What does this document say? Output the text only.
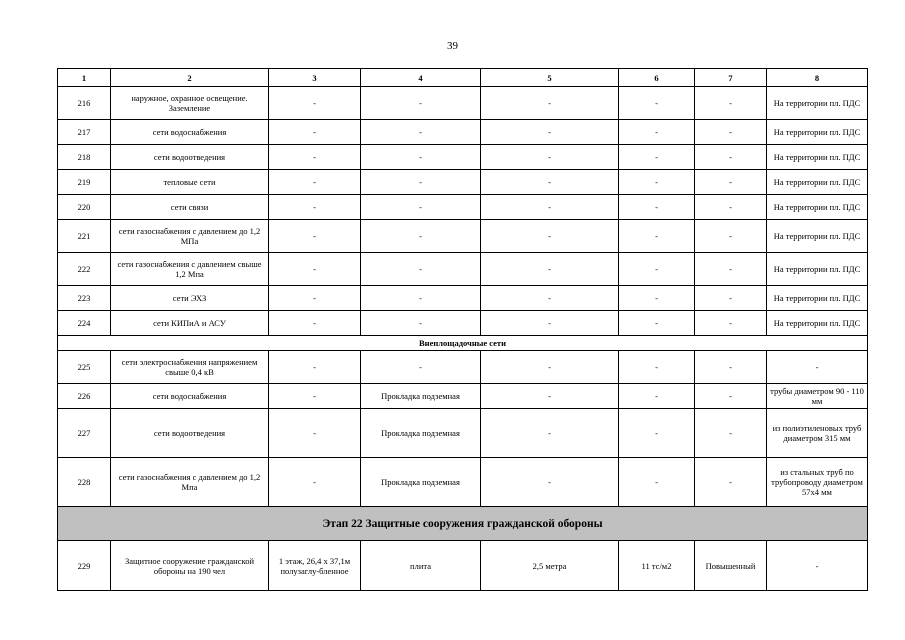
39
1	2	3	4	5	6	7	8
216	наружное, охранное освещение. Заземление	-	-	-	-	-	На территории пл. ПДС
217	сети водоснабжения	-	-	-	-	-	На территории пл. ПДС
218	сети водоотведения	-	-	-	-	-	На территории пл. ПДС
219	тепловые сети	-	-	-	-	-	На территории пл. ПДС
220	сети связи	-	-	-	-	-	На территории пл. ПДС
221	сети газоснабжения с давлением до 1,2 МПа	-	-	-	-	-	На территории пл. ПДС
222	сети газоснабжения с давлением свыше 1,2 Мпа	-	-	-	-	-	На территории пл. ПДС
223	сети ЭХЗ	-	-	-	-	-	На территории пл. ПДС
224	сети КИПиА и АСУ	-	-	-	-	-	На территории пл. ПДС
Внеплощадочные сети							
225	сети электроснабжения напряжением свыше 0,4 кВ	-	-	-	-	-	-
226	сети водоснабжения	-	Прокладка подземная	-	-	-	трубы диаметром 90 - 110 мм
227	сети водоотведения	-	Прокладка подземная	-	-	-	из полиэтиленовых труб диаметром 315 мм
228	сети газоснабжения с давлением до 1,2 Мпа	-	Прокладка подземная	-	-	-	из стальных труб по трубопроводу диаметром 57х4 мм
Этап 22 Защитные сооружения гражданской обороны							
229	Защитное сооружение гражданской обороны на 190 чел	1 этаж, 26,4 х 37,1м полузаглу-бленное	плита	2,5 метра	11 тс/м2	Повышенный	-
